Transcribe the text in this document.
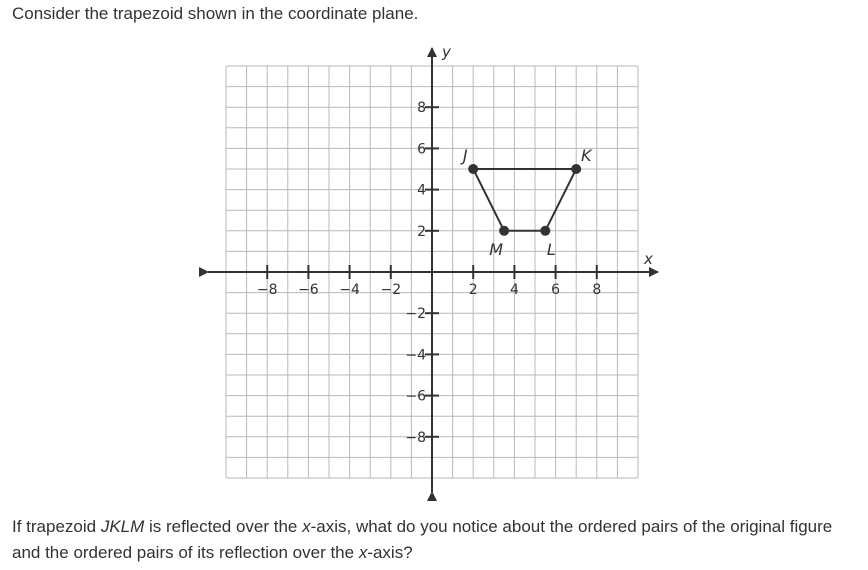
Consider the trapezoid shown in the coordinate plane.

−8 −6 −4 −2	2 4 6 8
8
6
4
2
−2
−4
−6
−8
x
y
J	K
L
M

If trapezoid JKLM is reflected over the x-axis, what do you notice about the ordered pairs of the original figure and the ordered pairs of its reflection over the x-axis?
